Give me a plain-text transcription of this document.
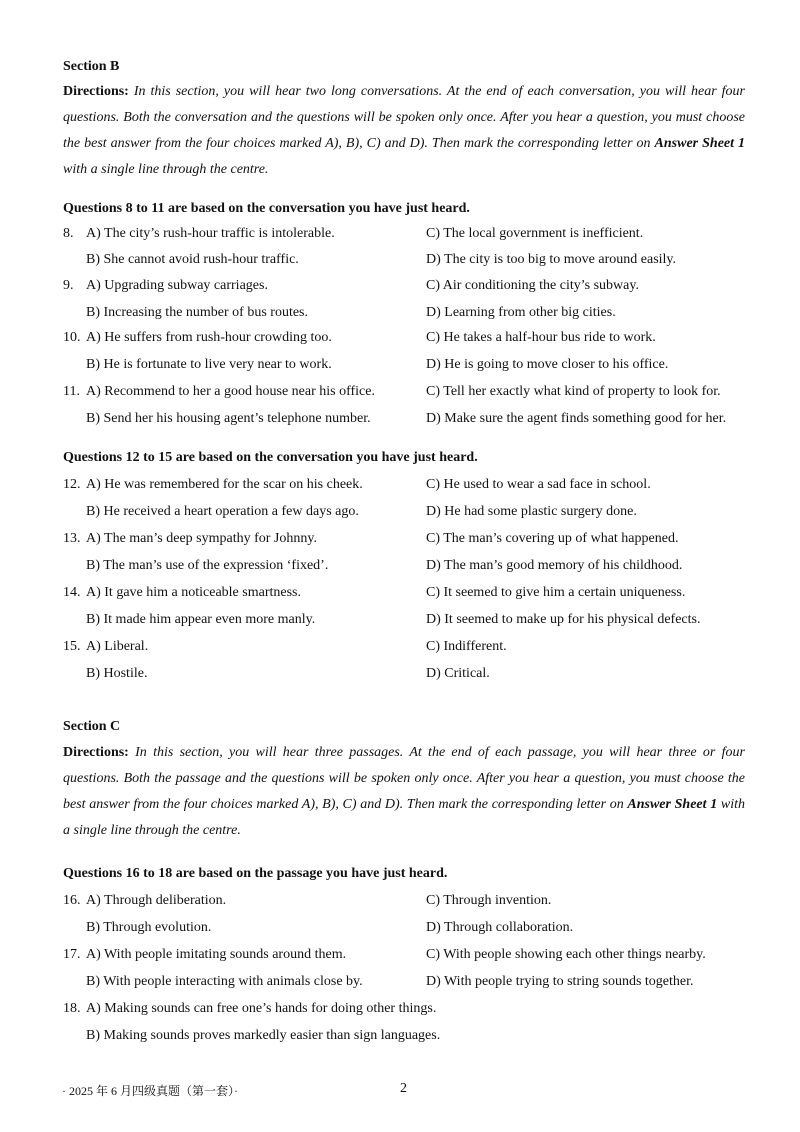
Section B
Directions: In this section, you will hear two long conversations. At the end of each conversation, you will hear four questions. Both the conversation and the questions will be spoken only once. After you hear a question, you must choose the best answer from the four choices marked A), B), C) and D). Then mark the corresponding letter on Answer Sheet 1 with a single line through the centre.
Questions 8 to 11 are based on the conversation you have just heard.
8. A) The city’s rush-hour traffic is intolerable.	C) The local government is inefficient.
B) She cannot avoid rush-hour traffic.	D) The city is too big to move around easily.
9. A) Upgrading subway carriages.	C) Air conditioning the city’s subway.
B) Increasing the number of bus routes.	D) Learning from other big cities.
10. A) He suffers from rush-hour crowding too.	C) He takes a half-hour bus ride to work.
B) He is fortunate to live very near to work.	D) He is going to move closer to his office.
11. A) Recommend to her a good house near his office.	C) Tell her exactly what kind of property to look for.
B) Send her his housing agent’s telephone number.	D) Make sure the agent finds something good for her.
Questions 12 to 15 are based on the conversation you have just heard.
12. A) He was remembered for the scar on his cheek.	C) He used to wear a sad face in school.
B) He received a heart operation a few days ago.	D) He had some plastic surgery done.
13. A) The man’s deep sympathy for Johnny.	C) The man’s covering up of what happened.
B) The man’s use of the expression ‘fixed’.	D) The man’s good memory of his childhood.
14. A) It gave him a noticeable smartness.	C) It seemed to give him a certain uniqueness.
B) It made him appear even more manly.	D) It seemed to make up for his physical defects.
15. A) Liberal.	C) Indifferent.
B) Hostile.	D) Critical.
Section C
Directions: In this section, you will hear three passages. At the end of each passage, you will hear three or four questions. Both the passage and the questions will be spoken only once. After you hear a question, you must choose the best answer from the four choices marked A), B), C) and D). Then mark the corresponding letter on Answer Sheet 1 with a single line through the centre.
Questions 16 to 18 are based on the passage you have just heard.
16. A) Through deliberation.	C) Through invention.
B) Through evolution.	D) Through collaboration.
17. A) With people imitating sounds around them.	C) With people showing each other things nearby.
B) With people interacting with animals close by.	D) With people trying to string sounds together.
18. A) Making sounds can free one’s hands for doing other things.
B) Making sounds proves markedly easier than sign languages.
· 2025 年 6 月四级真题（第一套）·	2
